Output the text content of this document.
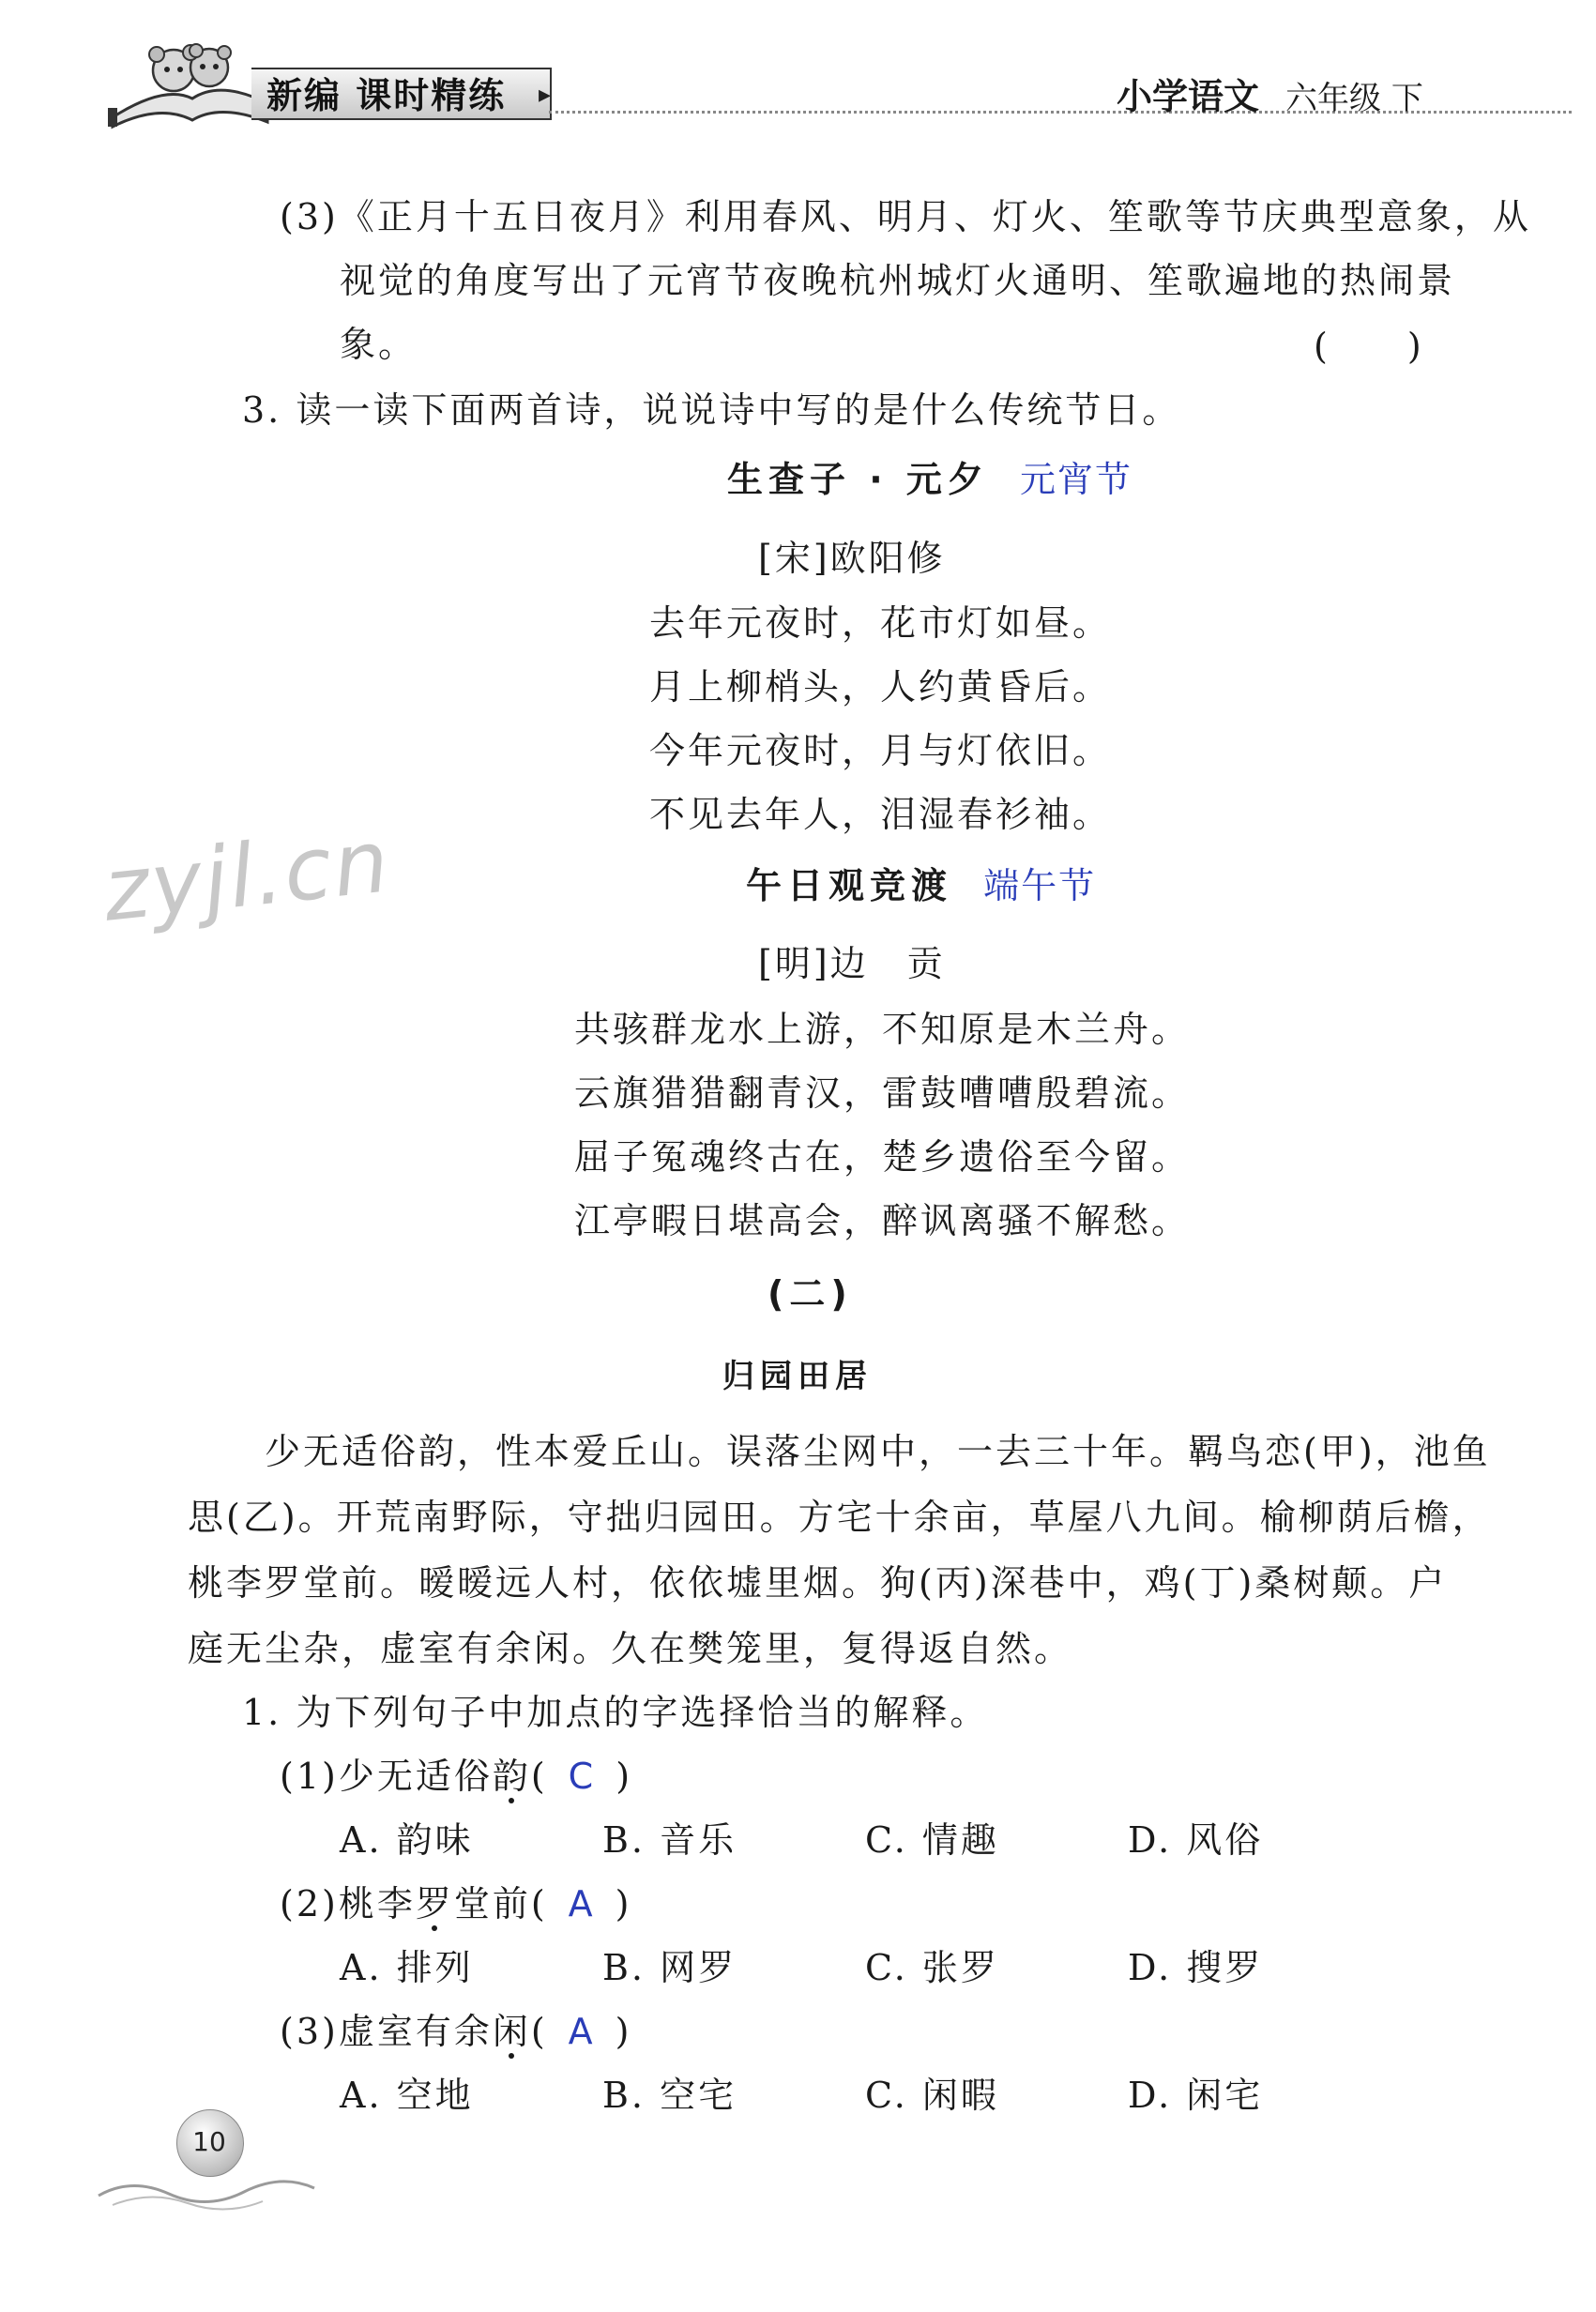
新编 课时精练	▸	小学语文 六年级 下
zyjl.cn
(3)《正月十五日夜月》利用春风、明月、灯火、笙歌等节庆典型意象，从
视觉的角度写出了元宵节夜晚杭州城灯火通明、笙歌遍地的热闹景
象。	(　　)
3. 读一读下面两首诗，说说诗中写的是什么传统节日。
生查子 · 元夕 元宵节
[宋]欧阳修
去年元夜时，花市灯如昼。
月上柳梢头，人约黄昏后。
今年元夜时，月与灯依旧。
不见去年人，泪湿春衫袖。
午日观竞渡 端午节
[明]边　贡
共骇群龙水上游，不知原是木兰舟。
云旗猎猎翻青汉，雷鼓嘈嘈殷碧流。
屈子冤魂终古在，楚乡遗俗至今留。
江亭暇日堪高会，醉讽离骚不解愁。
(二)
归园田居
少无适俗韵，性本爱丘山。误落尘网中，一去三十年。羁鸟恋(甲)，池鱼
思(乙)。开荒南野际，守拙归园田。方宅十余亩，草屋八九间。榆柳荫后檐，
桃李罗堂前。暧暧远人村，依依墟里烟。狗(丙)深巷中，鸡(丁)桑树颠。户
庭无尘杂，虚室有余闲。久在樊笼里，复得返自然。
1. 为下列句子中加点的字选择恰当的解释。
(1)少无适俗韵( C )
A. 韵味	B. 音乐	C. 情趣	D. 风俗
(2)桃李罗堂前( A )
A. 排列	B. 网罗	C. 张罗	D. 搜罗
(3)虚室有余闲( A )
A. 空地	B. 空宅	C. 闲暇	D. 闲宅
10
